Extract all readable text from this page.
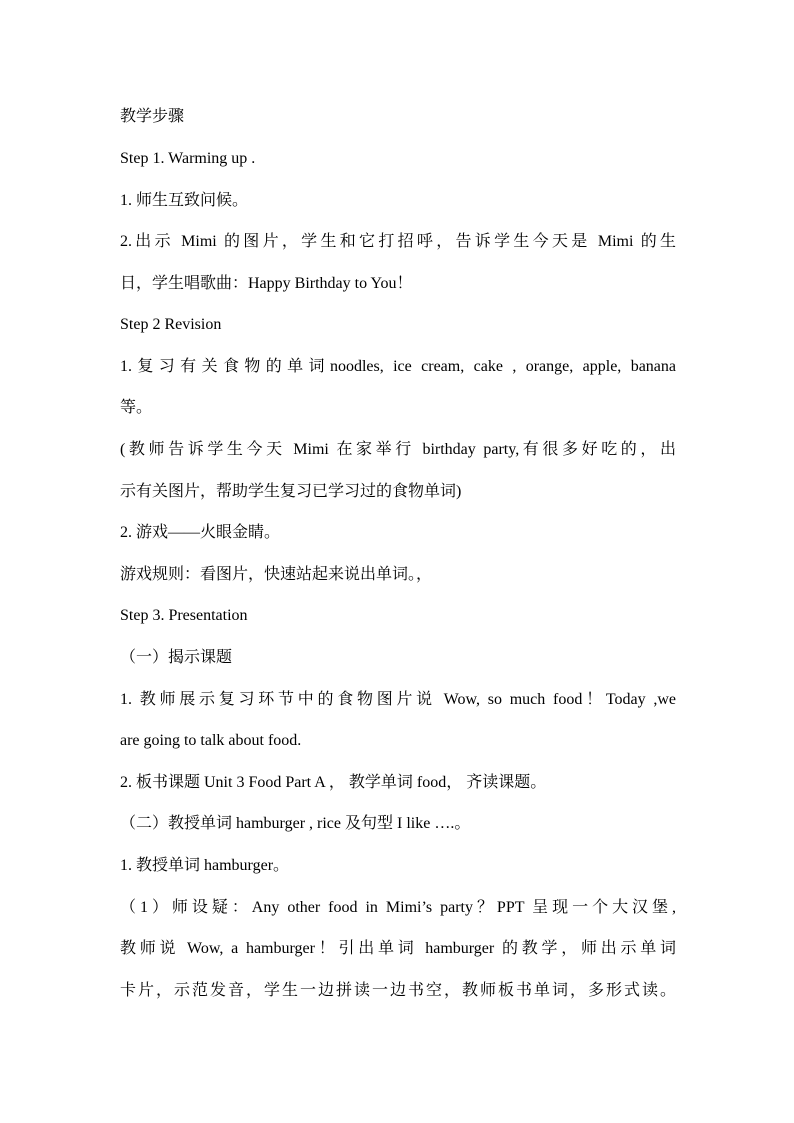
教学步骤
Step 1. Warming up .
1. 师生互致问候。
2.出示 Mimi 的图片，学生和它打招呼，告诉学生今天是 Mimi 的生
日，学生唱歌曲：Happy Birthday to You！
Step 2 Revision
1.复习有关食物的单词noodles, ice cream, cake , orange, apple, banana
等。
(教师告诉学生今天 Mimi 在家举行 birthday party,有很多好吃的，出
示有关图片，帮助学生复习已学习过的食物单词)
2. 游戏——火眼金睛。
游戏规则：看图片，快速站起来说出单词。，
Step 3. Presentation
（一）揭示课题
1. 教师展示复习环节中的食物图片说 Wow, so much food！Today ,we
are going to talk about food.
2. 板书课题 Unit 3 Food Part A ， 教学单词 food， 齐读课题。
（二）教授单词 hamburger , rice 及句型 I like ….。
1. 教授单词 hamburger。
（1）师设疑：Any other food in Mimi’s party？PPT 呈现一个大汉堡,
教师说 Wow, a hamburger！引出单词 hamburger 的教学，师出示单词
卡片，示范发音，学生一边拼读一边书空，教师板书单词，多形式读。
